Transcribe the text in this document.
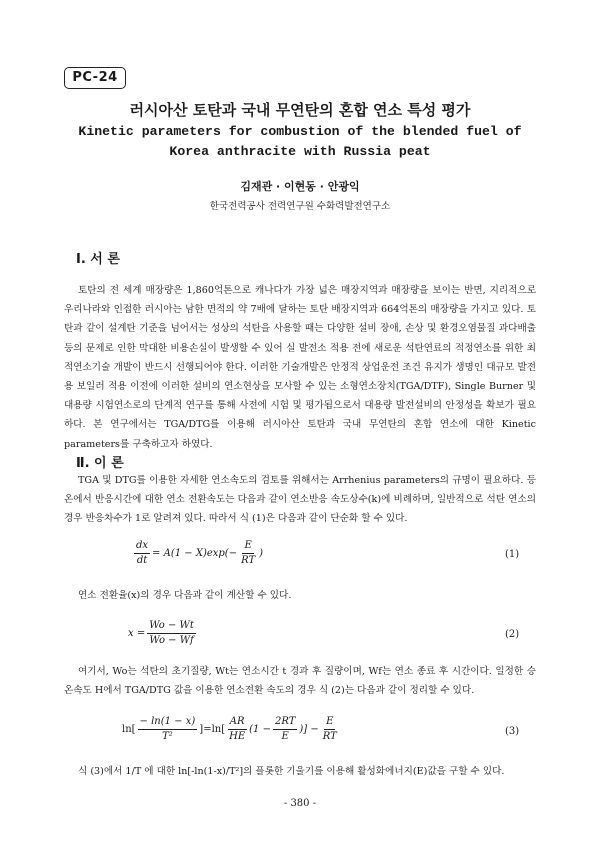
PC-24
러시아산 토탄과 국내 무연탄의 혼합 연소 특성 평가
Kinetic parameters for combustion of the blended fuel of Korea anthracite with Russia peat
김재관 · 이현동 · 안광익
한국전력공사 전력연구원 수화력발전연구소
Ⅰ. 서 론

토탄의 전 세계 매장량은 1,860억톤으로 캐나다가 가장 넓은 매장지역과 매장량을 보이는 반면, 지리적으로 우리나라와 인접한 러시아는 남한 면적의 약 7배에 달하는 토탄 배장지역과 664억톤의 매장량을 가지고 있다. 토탄과 같이 설계탄 기준을 넘어서는 성상의 석탄을 사용할 때는 다양한 설비 장애, 손상 및 환경오염물질 과다배출 등의 문제로 인한 막대한 비용손실이 발생할 수 있어 실 발전소 적용 전에 새로운 석탄연료의 적정연소를 위한 최적연소기술 개발이 반드시 선행되어야 한다. 이러한 기술개발은 안정적 상업운전 조건 유지가 생명인 대규모 발전용 보일러 적용 이전에 이러한 설비의 연소현상을 모사할 수 있는 소형연소장치(TGA/DTF), Single Burner 및 대용량 시험연소로의 단계적 연구를 통해 사전에 시험 및 평가됨으로서 대용량 발전설비의 안정성을 확보가 필요하다. 본 연구에서는 TGA/DTG를 이용해 러시아산 토탄과 국내 무연탄의 혼합 연소에 대한 Kinetic parameters를 구축하고자 하였다.

Ⅱ. 이 론

TGA 및 DTG를 이용한 자세한 연소속도의 검토를 위해서는 Arrhenius parameters의 규명이 필요하다. 등온에서 반응시간에 대한 연소 전환속도는 다음과 같이 연소반응 속도상수(k)에 비례하며, 일반적으로 석탄 연소의 경우 반응차수가 1로 알려져 있다. 따라서 식 (1)은 다음과 같이 단순화 할 수 있다.

$\frac{dx}{dt} = A(1 - X)\exp(- \frac{E}{RT}$ )	(1)

연소 전환율(x)의 경우 다음과 같이 계산할 수 있다.

$x = \frac{Wo - Wt}{Wo - Wf}$	(2)

여기서, Wo는 석탄의 초기질량, Wt는 연소시간 t 경과 후 질량이며, Wf는 연소 종료 후 시간이다. 일정한 승온속도 H에서 TGA/DTG 값을 이용한 연소전환 속도의 경우 식 (2)는 다음과 같이 정리할 수 있다.

$\ln[ \frac{- \ln(1 - x)}{\text{T²}} ]=\ln[ \frac{AR}{HE} (1 - \frac{2RT}{E}$ )] − $\frac{E}{RT}$	(3)

식 (3)에서 1/T 에 대한 ln[-ln(1-x)/T²]의 플롯한 기울기를 이용해 활성화에너지(E)값을 구할 수 있다.

- 380 -
